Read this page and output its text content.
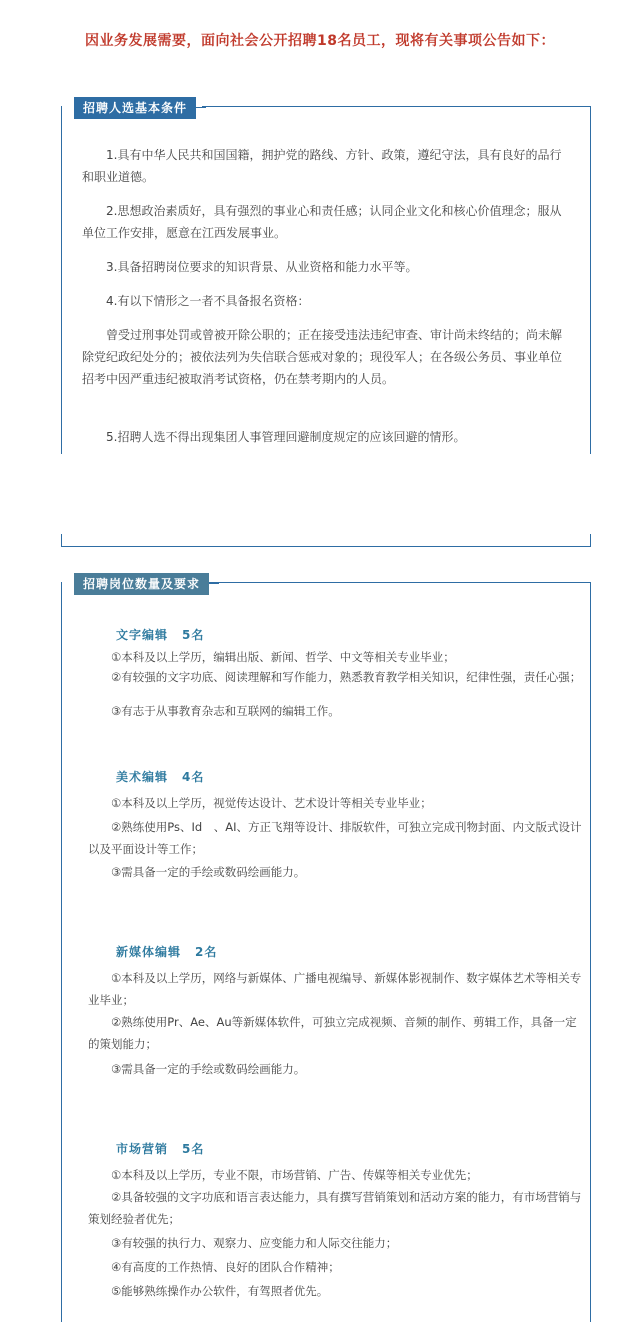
因业务发展需要，面向社会公开招聘18名员工，现将有关事项公告如下：
招聘人选基本条件
1.具有中华人民共和国国籍，拥护党的路线、方针、政策，遵纪守法，具有良好的品行和职业道德。
2.思想政治素质好，具有强烈的事业心和责任感；认同企业文化和核心价值理念；服从单位工作安排，愿意在江西发展事业。
3.具备招聘岗位要求的知识背景、从业资格和能力水平等。
4.有以下情形之一者不具备报名资格：
曾受过刑事处罚或曾被开除公职的；正在接受违法违纪审查、审计尚未终结的；尚未解除党纪政纪处分的；被依法列为失信联合惩戒对象的；现役军人；在各级公务员、事业单位招考中因严重违纪被取消考试资格，仍在禁考期内的人员。
5.招聘人选不得出现集团人事管理回避制度规定的应该回避的情形。
招聘岗位数量及要求
文字编辑 5名
①本科及以上学历，编辑出版、新闻、哲学、中文等相关专业毕业；
②有较强的文字功底、阅读理解和写作能力，熟悉教育教学相关知识，纪律性强，责任心强；
③有志于从事教育杂志和互联网的编辑工作。
美术编辑 4名
①本科及以上学历，视觉传达设计、艺术设计等相关专业毕业；
②熟练使用Ps、Id　、AI、方正飞翔等设计、排版软件，可独立完成刊物封面、内文版式设计以及平面设计等工作；
③需具备一定的手绘或数码绘画能力。
新媒体编辑 2名
①本科及以上学历，网络与新媒体、广播电视编导、新媒体影视制作、数字媒体艺术等相关专业毕业；
②熟练使用Pr、Ae、Au等新媒体软件，可独立完成视频、音频的制作、剪辑工作，具备一定的策划能力；
③需具备一定的手绘或数码绘画能力。
市场营销 5名
①本科及以上学历，专业不限，市场营销、广告、传媒等相关专业优先；
②具备较强的文字功底和语言表达能力，具有撰写营销策划和活动方案的能力，有市场营销与策划经验者优先；
③有较强的执行力、观察力、应变能力和人际交往能力；
④有高度的工作热情、良好的团队合作精神；
⑤能够熟练操作办公软件，有驾照者优先。
